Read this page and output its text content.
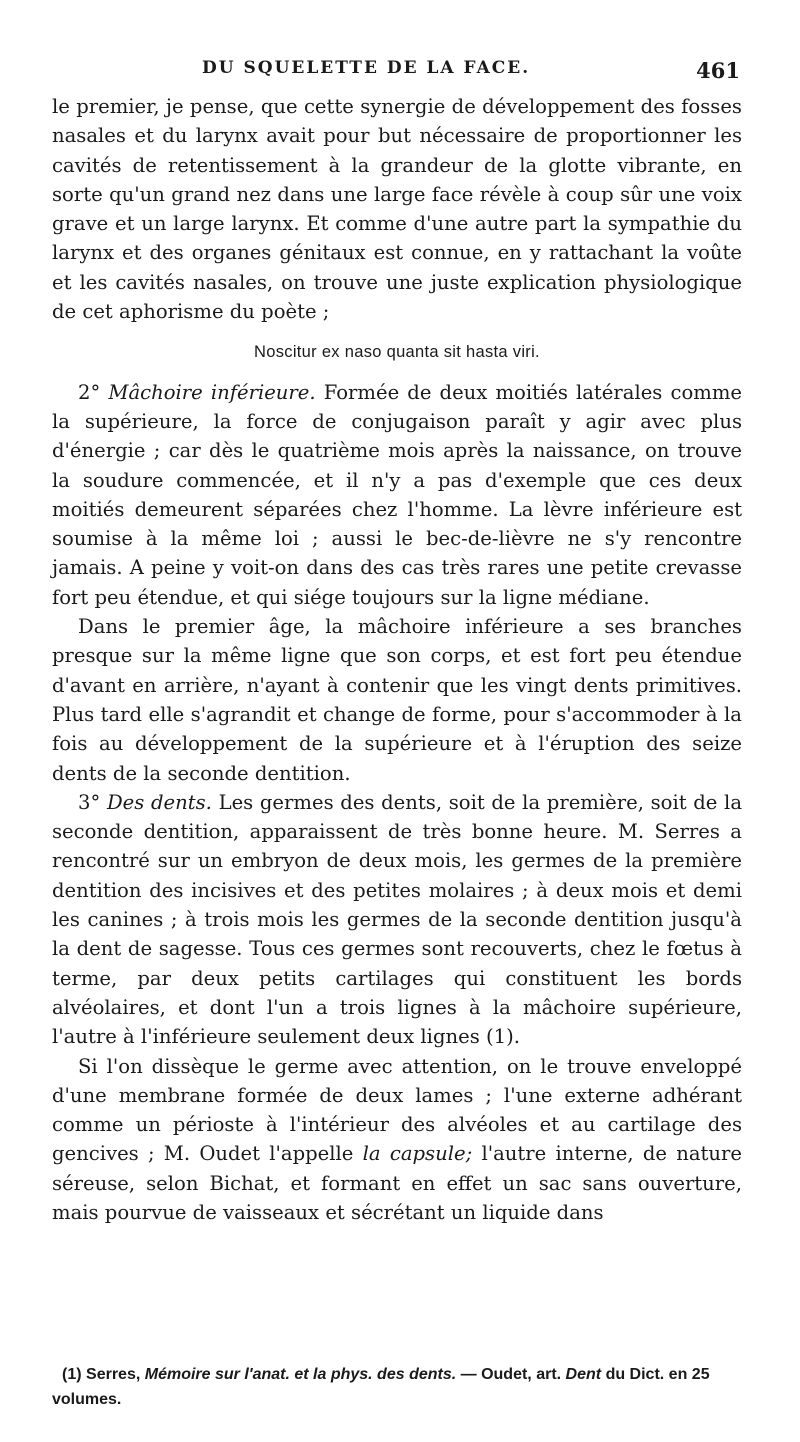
DU SQUELETTE DE LA FACE.	461

le premier, je pense, que cette synergie de développement des fosses nasales et du larynx avait pour but nécessaire de proportionner les cavités de retentissement à la grandeur de la glotte vibrante, en sorte qu'un grand nez dans une large face révèle à coup sûr une voix grave et un large larynx. Et comme d'une autre part la sympathie du larynx et des organes génitaux est connue, en y rattachant la voûte et les cavités nasales, on trouve une juste explication physiologique de cet aphorisme du poète ;

Noscitur ex naso quanta sit hasta viri.

2° Mâchoire inférieure. Formée de deux moitiés latérales comme la supérieure, la force de conjugaison paraît y agir avec plus d'énergie ; car dès le quatrième mois après la naissance, on trouve la soudure commencée, et il n'y a pas d'exemple que ces deux moitiés demeurent séparées chez l'homme. La lèvre inférieure est soumise à la même loi ; aussi le bec-de-lièvre ne s'y rencontre jamais. A peine y voit-on dans des cas très rares une petite crevasse fort peu étendue, et qui siége toujours sur la ligne médiane.

Dans le premier âge, la mâchoire inférieure a ses branches presque sur la même ligne que son corps, et est fort peu étendue d'avant en arrière, n'ayant à contenir que les vingt dents primitives. Plus tard elle s'agrandit et change de forme, pour s'accommoder à la fois au développement de la supérieure et à l'éruption des seize dents de la seconde dentition.

3° Des dents. Les germes des dents, soit de la première, soit de la seconde dentition, apparaissent de très bonne heure. M. Serres a rencontré sur un embryon de deux mois, les germes de la première dentition des incisives et des petites molaires ; à deux mois et demi les canines ; à trois mois les germes de la seconde dentition jusqu'à la dent de sagesse. Tous ces germes sont recouverts, chez le fœtus à terme, par deux petits cartilages qui constituent les bords alvéolaires, et dont l'un a trois lignes à la mâchoire supérieure, l'autre à l'inférieure seulement deux lignes (1).

Si l'on dissèque le germe avec attention, on le trouve enveloppé d'une membrane formée de deux lames ; l'une externe adhérant comme un périoste à l'intérieur des alvéoles et au cartilage des gencives ; M. Oudet l'appelle la capsule; l'autre interne, de nature séreuse, selon Bichat, et formant en effet un sac sans ouverture, mais pourvue de vaisseaux et sécrétant un liquide dans

(1) Serres, Mémoire sur l'anat. et la phys. des dents. — Oudet, art. Dent du Dict. en 25 volumes.
